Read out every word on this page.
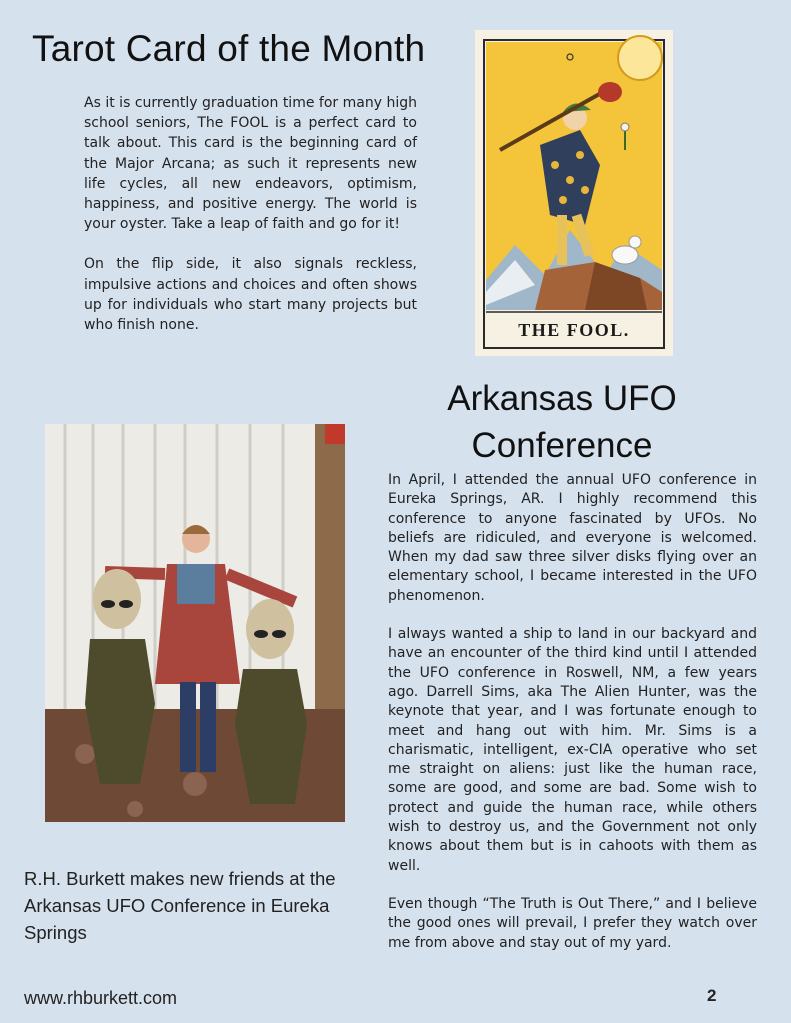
Tarot Card of the Month

As it is currently graduation time for many high school seniors, The FOOL is a perfect card to talk about. This card is the beginning card of the Major Arcana; as such it represents new life cycles, all new endeavors, optimism, happiness, and positive energy. The world is your oyster. Take a leap of faith and go for it!

On the flip side, it also signals reckless, impulsive actions and choices and often shows up for individuals who start many projects but who finish none.	THE FOOL.
Arkansas UFO Conference

In April, I attended the annual UFO conference in Eureka Springs, AR. I highly recommend this conference to anyone fascinated by UFOs. No beliefs are ridiculed, and everyone is welcomed. When my dad saw three silver disks flying over an elementary school, I became interested in the UFO phenomenon.

I always wanted a ship to land in our backyard and have an encounter of the third kind until I attended the UFO conference in Roswell, NM, a few years ago. Darrell Sims, aka The Alien Hunter, was the keynote that year, and I was fortunate enough to meet and hang out with him. Mr. Sims is a charismatic, intelligent, ex-CIA operative who set me straight on aliens: just like the human race, some are good, and some are bad. Some wish to protect and guide the human race, while others wish to destroy us, and the Government not only knows about them but is in cahoots with them as well.

Even though “The Truth is Out There,” and I believe the good ones will prevail, I prefer they watch over me from above and stay out of my yard.

R.H. Burkett makes new friends at the Arkansas UFO Conference in Eureka Springs
www.rhburkett.com	2
